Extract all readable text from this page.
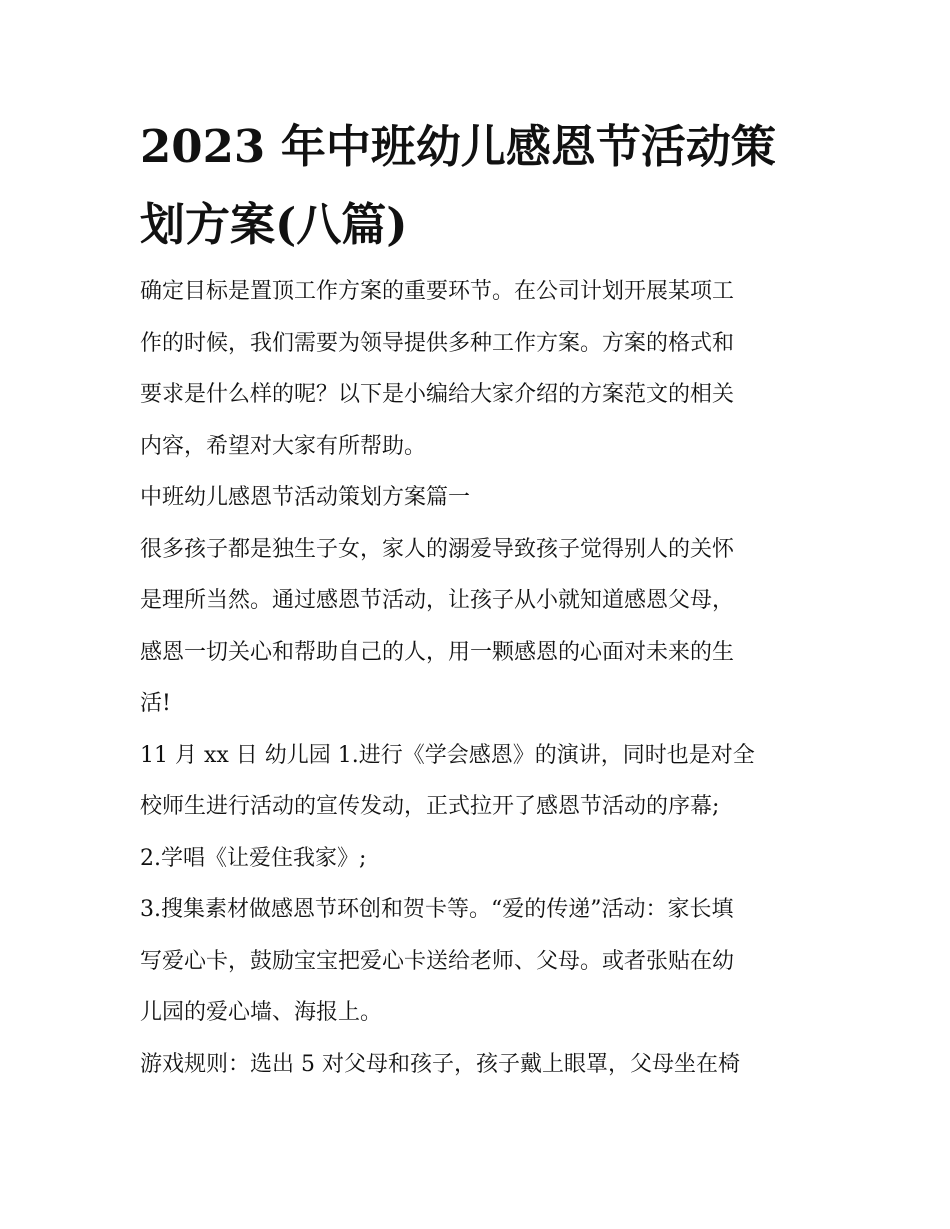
2023 年中班幼儿感恩节活动策
划方案(八篇)

确定目标是置顶工作方案的重要环节。在公司计划开展某项工
作的时候，我们需要为领导提供多种工作方案。方案的格式和
要求是什么样的呢？以下是小编给大家介绍的方案范文的相关
内容，希望对大家有所帮助。

中班幼儿感恩节活动策划方案篇一

很多孩子都是独生子女，家人的溺爱导致孩子觉得别人的关怀
是理所当然。通过感恩节活动，让孩子从小就知道感恩父母，
感恩一切关心和帮助自己的人，用一颗感恩的心面对未来的生
活!

11 月 xx 日 幼儿园 1.进行《学会感恩》的演讲，同时也是对全
校师生进行活动的宣传发动，正式拉开了感恩节活动的序幕;

2.学唱《让爱住我家》;

3.搜集素材做感恩节环创和贺卡等。“爱的传递”活动：家长填
写爱心卡，鼓励宝宝把爱心卡送给老师、父母。或者张贴在幼
儿园的爱心墙、海报上。

游戏规则：选出 5 对父母和孩子，孩子戴上眼罩，父母坐在椅
